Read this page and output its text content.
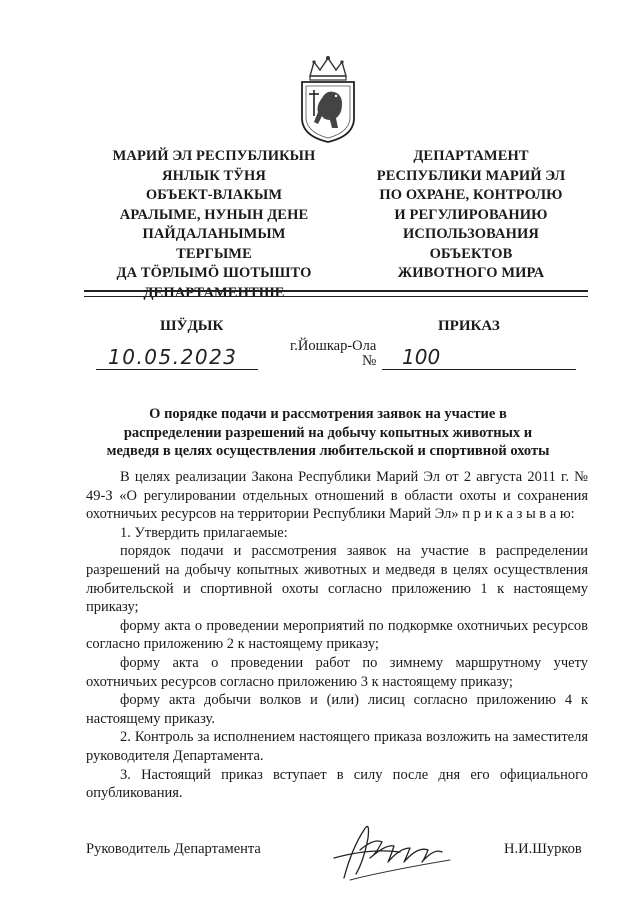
МАРИЙ ЭЛ РЕСПУБЛИКЫН
ЯНЛЫК ТӰНЯ
ОБЪЕКТ-ВЛАКЫМ
АРАЛЫМЕ, НУНЫН ДЕНЕ
ПАЙДАЛАНЫМЫМ
ТЕРГЫМЕ
ДА ТӦРЛЫМӦ ШОТЫШТО
ДЕПАРТАМЕНТШЕ
ДЕПАРТАМЕНТ
РЕСПУБЛИКИ МАРИЙ ЭЛ
ПО ОХРАНЕ, КОНТРОЛЮ
И РЕГУЛИРОВАНИЮ
ИСПОЛЬЗОВАНИЯ
ОБЪЕКТОВ
ЖИВОТНОГО МИРА
ШӰДЫК	ПРИКАЗ
г.Йошкар-Ола
10.05.2023	№ 100
О порядке подачи и рассмотрения заявок на участие в распределении разрешений на добычу копытных животных и медведя в целях осуществления любительской и спортивной охоты

В целях реализации Закона Республики Марий Эл от 2 августа 2011 г. № 49-З «О регулировании отдельных отношений в области охоты и сохранения охотничьих ресурсов на территории Республики Марий Эл» п р и к а з ы в а ю:

1. Утвердить прилагаемые:

порядок подачи и рассмотрения заявок на участие в распределении разрешений на добычу копытных животных и медведя в целях осуществления любительской и спортивной охоты согласно приложению 1 к настоящему приказу;

форму акта о проведении мероприятий по подкормке охотничьих ресурсов согласно приложению 2 к настоящему приказу;

форму акта о проведении работ по зимнему маршрутному учету охотничьих ресурсов согласно приложению 3 к настоящему приказу;

форму акта добычи волков и (или) лисиц согласно приложению 4 к настоящему приказу.

2. Контроль за исполнением настоящего приказа возложить на заместителя руководителя Департамента.

3. Настоящий приказ вступает в силу после дня его официального опубликования.

Руководитель Департамента	Н.И.Шурков
